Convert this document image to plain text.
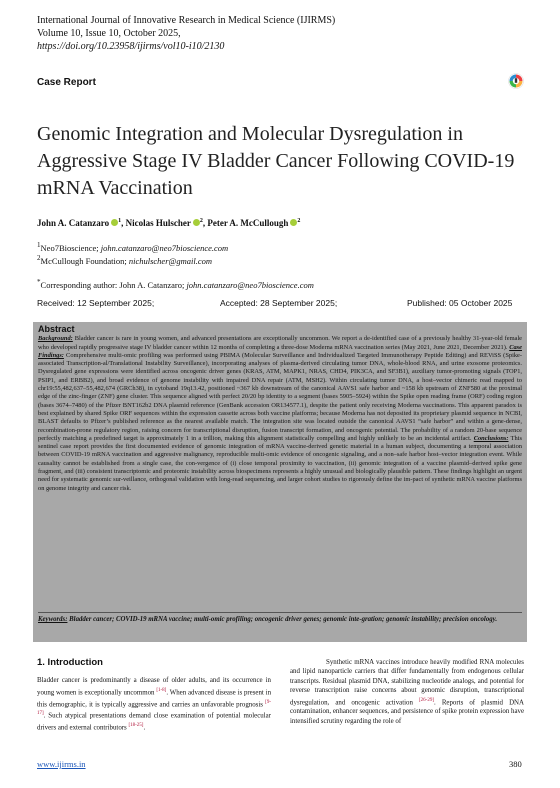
International Journal of Innovative Research in Medical Science (IJIRMS)
Volume 10, Issue 10, October 2025,
https://doi.org/10.23958/ijirms/vol10-i10/2130
Case Report
Genomic Integration and Molecular Dysregulation in Aggressive Stage IV Bladder Cancer Following COVID-19 mRNA Vaccination
John A. Catanzaro $^1$, Nicolas Hulscher $^2$, Peter A. McCullough $^2$
$^1$Neo7Bioscience; john.catanzaro@neo7bioscience.com
$^2$McCullough Foundation; nichulscher@gmail.com
*Corresponding author: John A. Catanzaro; john.catanzaro@neo7bioscience.com
Received: 12 September 2025;	Accepted: 28 September 2025;	Published: 05 October 2025
Abstract
Background: Bladder cancer is rare in young women, and advanced presentations are exceptionally uncommon. We report a de-identified case of a previously healthy 31-year-old female who developed rapidly progressive stage IV bladder cancer within 12 months of completing a three-dose Moderna mRNA vaccination series (May 2021, June 2021, December 2021). Case Findings: Comprehensive multi-omic profiling was performed using PBIMA (Molecular Surveillance and Individualized Targeted Immunotherapy Peptide Editing) and REViSS (Spike-associated Transcription-al/Translational Instability Surveillance), incorporating analyses of plasma-derived circulating tumor DNA, whole-blood RNA, and urine exosome proteomics. Dysregulated gene expressions were identified across oncogenic driver genes (KRAS, ATM, MAPK1, NRAS, CHD4, PIK3CA, and SF3B1), auxiliary tumor-promoting signals (TOP1, PSIP1, and ERBB2), and broad evidence of genome instability with impaired DNA repair (ATM, MSH2). Within circulating tumor DNA, a host–vector chimeric read mapped to chr19:55,482,637–55,482,674 (GRCh38), in cytoband 19q13.42, positioned ~367 kb downstream of the canonical AAVS1 safe harbor and ~158 kb upstream of ZNF580 at the proximal edge of the zinc-finger (ZNF) gene cluster. This sequence aligned with perfect 20/20 bp identity to a segment (bases 5905–5924) within the Spike open reading frame (ORF) coding region (bases 3674–7480) of the Pfizer BNT162b2 DNA plasmid reference (GenBank accession OR134577.1), despite the patient only receiving Moderna vaccinations. This apparent paradox is best explained by shared Spike ORF sequences within the expression cassette across both vaccine platforms; because Moderna has not deposited its proprietary plasmid sequence in NCBI, BLAST defaults to Pfizer’s published reference as the nearest available match. The integration site was located outside the canonical AAVS1 “safe harbor” and within a gene-dense, recombination-prone regulatory region, raising concern for transcriptional disruption, fusion transcript formation, and oncogenic potential. The probability of a random 20-base sequence perfectly matching a predefined target is approximately 1 in a trillion, making this alignment statistically compelling and highly unlikely to be an incidental artifact. Conclusions: This sentinel case report provides the first documented evidence of genomic integration of mRNA vaccine-derived genetic material in a human subject, documenting a temporal association between COVID-19 mRNA vaccination and aggressive malignancy, reproducible multi-omic evidence of oncogenic signaling, and a non–safe harbor host–vector integration event. While causality cannot be established from a single case, the con-vergence of (i) close temporal proximity to vaccination, (ii) genomic integration of a vaccine plasmid–derived spike gene fragment, and (iii) consistent transcriptomic and proteomic instability across biospecimens represents a highly unusual and biologically plausible pattern. These findings highlight an urgent need for systematic genomic sur-veillance, orthogonal validation with long-read sequencing, and larger cohort studies to rigorously define the im-pact of synthetic mRNA vaccine platforms on genome integrity and cancer risk.
Keywords: Bladder cancer; COVID-19 mRNA vaccine; multi-omic profiling; oncogenic driver genes; genomic inte-gration; genomic instability; precision oncology.
1. Introduction

Bladder cancer is predominantly a disease of older adults, and its occurrence in young women is exceptionally uncommon [1-8]. When advanced disease is present in this demographic, it is typically aggressive and carries an unfavorable prognosis [9-17]. Such atypical presentations demand close examination of potential molecular drivers and external contributors [18-25].

Synthetic mRNA vaccines introduce heavily modified RNA molecules and lipid nanoparticle carriers that differ fundamentally from endogenous cellular transcripts. Residual plasmid DNA, stabilizing nucleotide analogs, and potential for reverse transcription raise concerns about genomic disruption, transcriptional dysregulation, and oncogenic activation [26-29]. Reports of plasmid DNA contamination, enhancer sequences, and persistence of spike protein expression have intensified scrutiny regarding the role of

www.ijirms.in	380
